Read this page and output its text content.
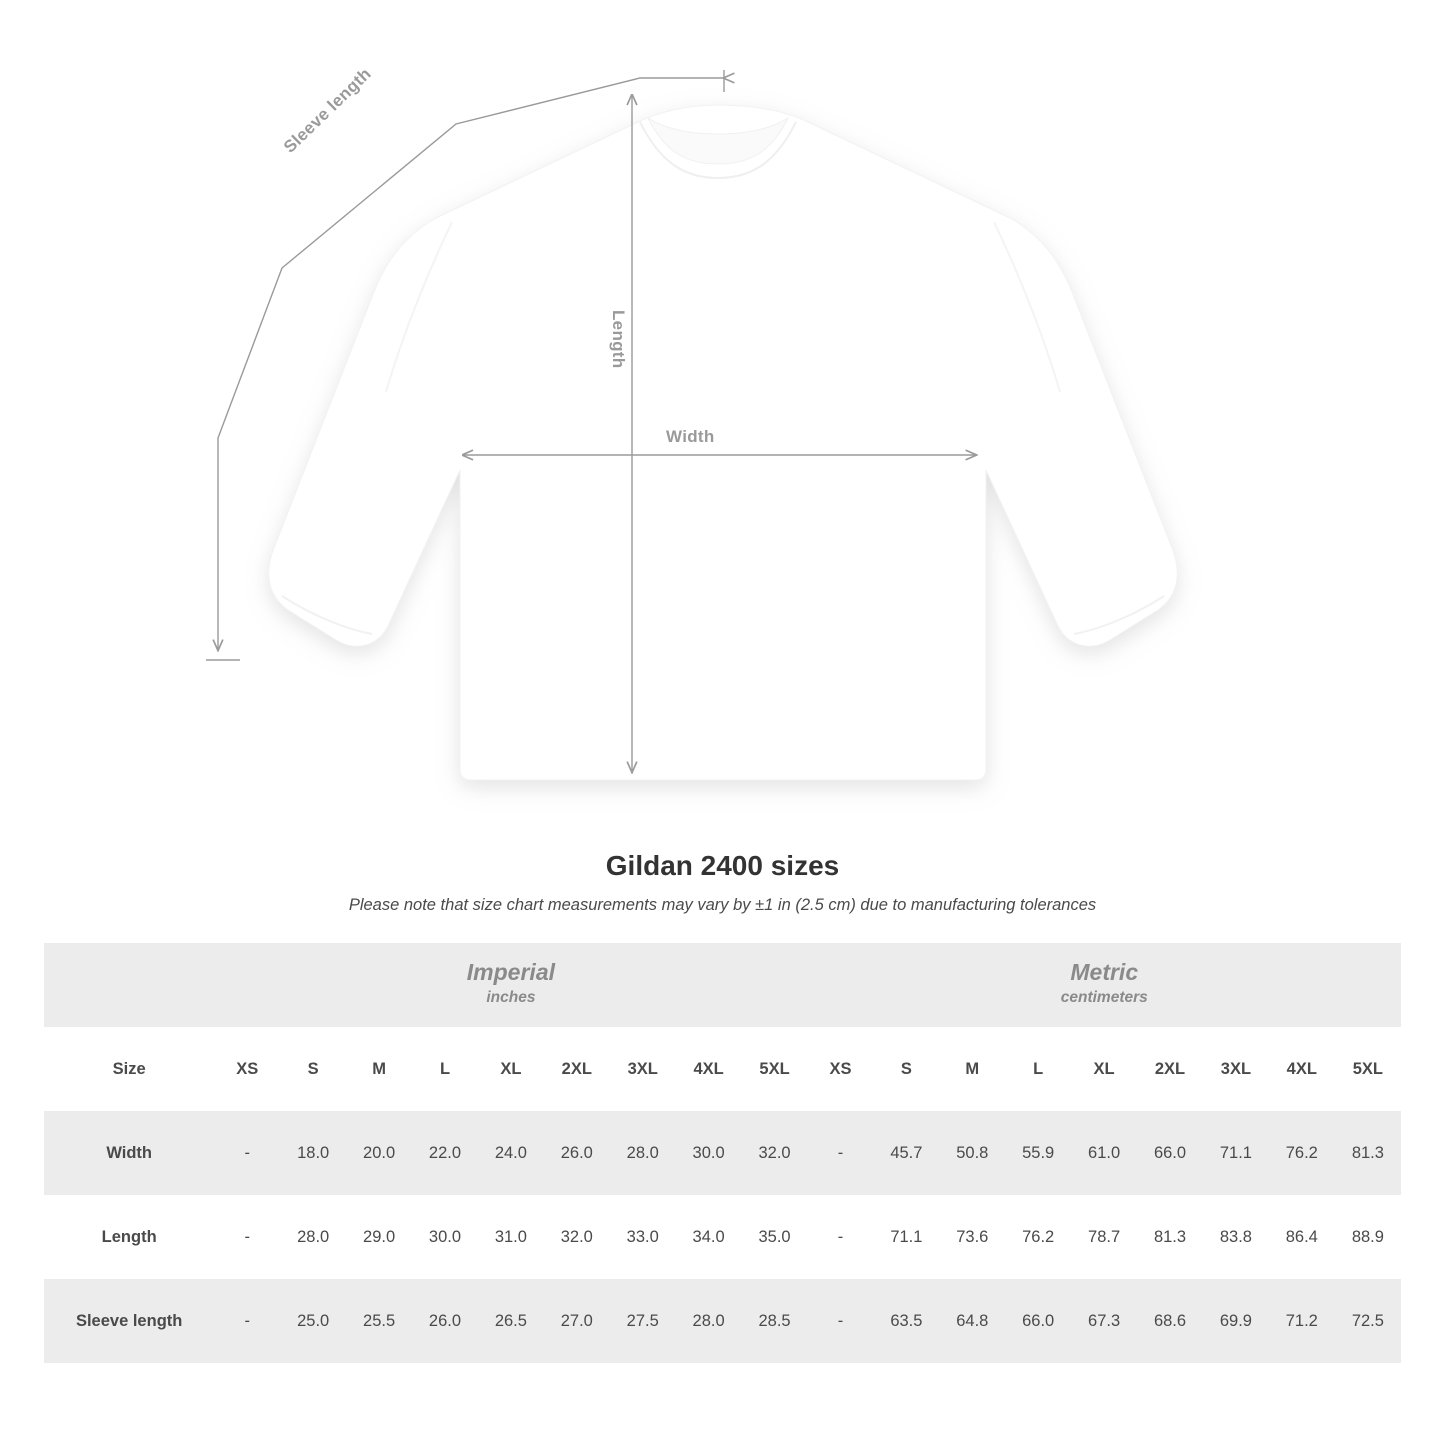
Width
Length
Sleeve length
Gildan 2400 sizes

Please note that size chart measurements may vary by ±1 in (2.5 cm) due to manufacturing tolerances

	Imperial
inches									Metric
centimeters								

Size	XS	S	M	L	XL	2XL	3XL	4XL	5XL	XS	S	M	L	XL	2XL	3XL	4XL	5XL
Width	-	18.0	20.0	22.0	24.0	26.0	28.0	30.0	32.0	-	45.7	50.8	55.9	61.0	66.0	71.1	76.2	81.3
Length	-	28.0	29.0	30.0	31.0	32.0	33.0	34.0	35.0	-	71.1	73.6	76.2	78.7	81.3	83.8	86.4	88.9
Sleeve length	-	25.0	25.5	26.0	26.5	27.0	27.5	28.0	28.5	-	63.5	64.8	66.0	67.3	68.6	69.9	71.2	72.5
